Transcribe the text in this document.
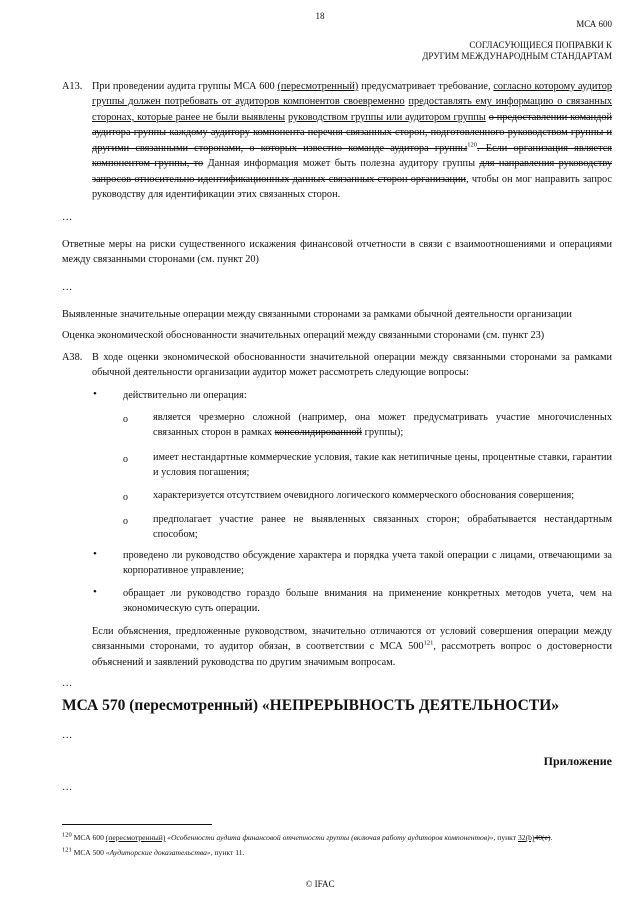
18
МСА 600
СОГЛАСУЮЩИЕСЯ ПОПРАВКИ К
ДРУГИМ МЕЖДУНАРОДНЫМ СТАНДАРТАМ
A13. При проведении аудита группы МСА 600 (пересмотренный) предусматривает требование, согласно которому аудитор группы должен потребовать от аудиторов компонентов своевременно предоставлять ему информацию о связанных сторонах, которые ранее не были выявлены руководством группы или аудитором группы о предоставлении командой аудитора группы каждому аудитору компонента перечня связанных сторон, подготовленного руководством группы и другими связанными сторонами, о которых известно команде аудитора группы$^{120}$. Если организация является компонентом группы, то Данная информация может быть полезна аудитору группы для направления руководству запросов относительно идентификационных данных связанных сторон организации, чтобы он мог направить запрос руководству для идентификации этих связанных сторон.
…
Ответные меры на риски существенного искажения финансовой отчетности в связи с взаимоотношениями и операциями между связанными сторонами (см. пункт 20)
…
Выявленные значительные операции между связанными сторонами за рамками обычной деятельности организации
Оценка экономической обоснованности значительных операций между связанными сторонами (см. пункт 23)
A38. В ходе оценки экономической обоснованности значительной операции между связанными сторонами за рамками обычной деятельности организации аудитор может рассмотреть следующие вопросы:
•	действительно ли операция:
o является чрезмерно сложной (например, она может предусматривать участие многочисленных связанных сторон в рамках консолидированной группы);
o имеет нестандартные коммерческие условия, такие как нетипичные цены, процентные ставки, гарантии и условия погашения;
o характеризуется отсутствием очевидного логического коммерческого обоснования совершения;
o предполагает участие ранее не выявленных связанных сторон; обрабатывается нестандартным способом;
•	проведено ли руководство обсуждение характера и порядка учета такой операции с лицами, отвечающими за корпоративное управление;
•	обращает ли руководство гораздо больше внимания на применение конкретных методов учета, чем на экономическую суть операции.
Если объяснения, предложенные руководством, значительно отличаются от условий совершения операции между связанными сторонами, то аудитор обязан, в соответствии с МСА $500^{121}$, рассмотреть вопрос о достоверности объяснений и заявлений руководства по другим значимым вопросам.
…
МСА 570 (пересмотренный) «НЕПРЕРЫВНОСТЬ ДЕЯТЕЛЬНОСТИ»
…
Приложение
…
$^{120}$ МСА 600 (пересмотренный) «Особенности аудита финансовой отчетности группы (включая работу аудиторов компонентов)», пункт 32(b)40(e).
$^{121}$ МСА 500 «Аудиторские доказательства», пункт 11.
© IFAC
